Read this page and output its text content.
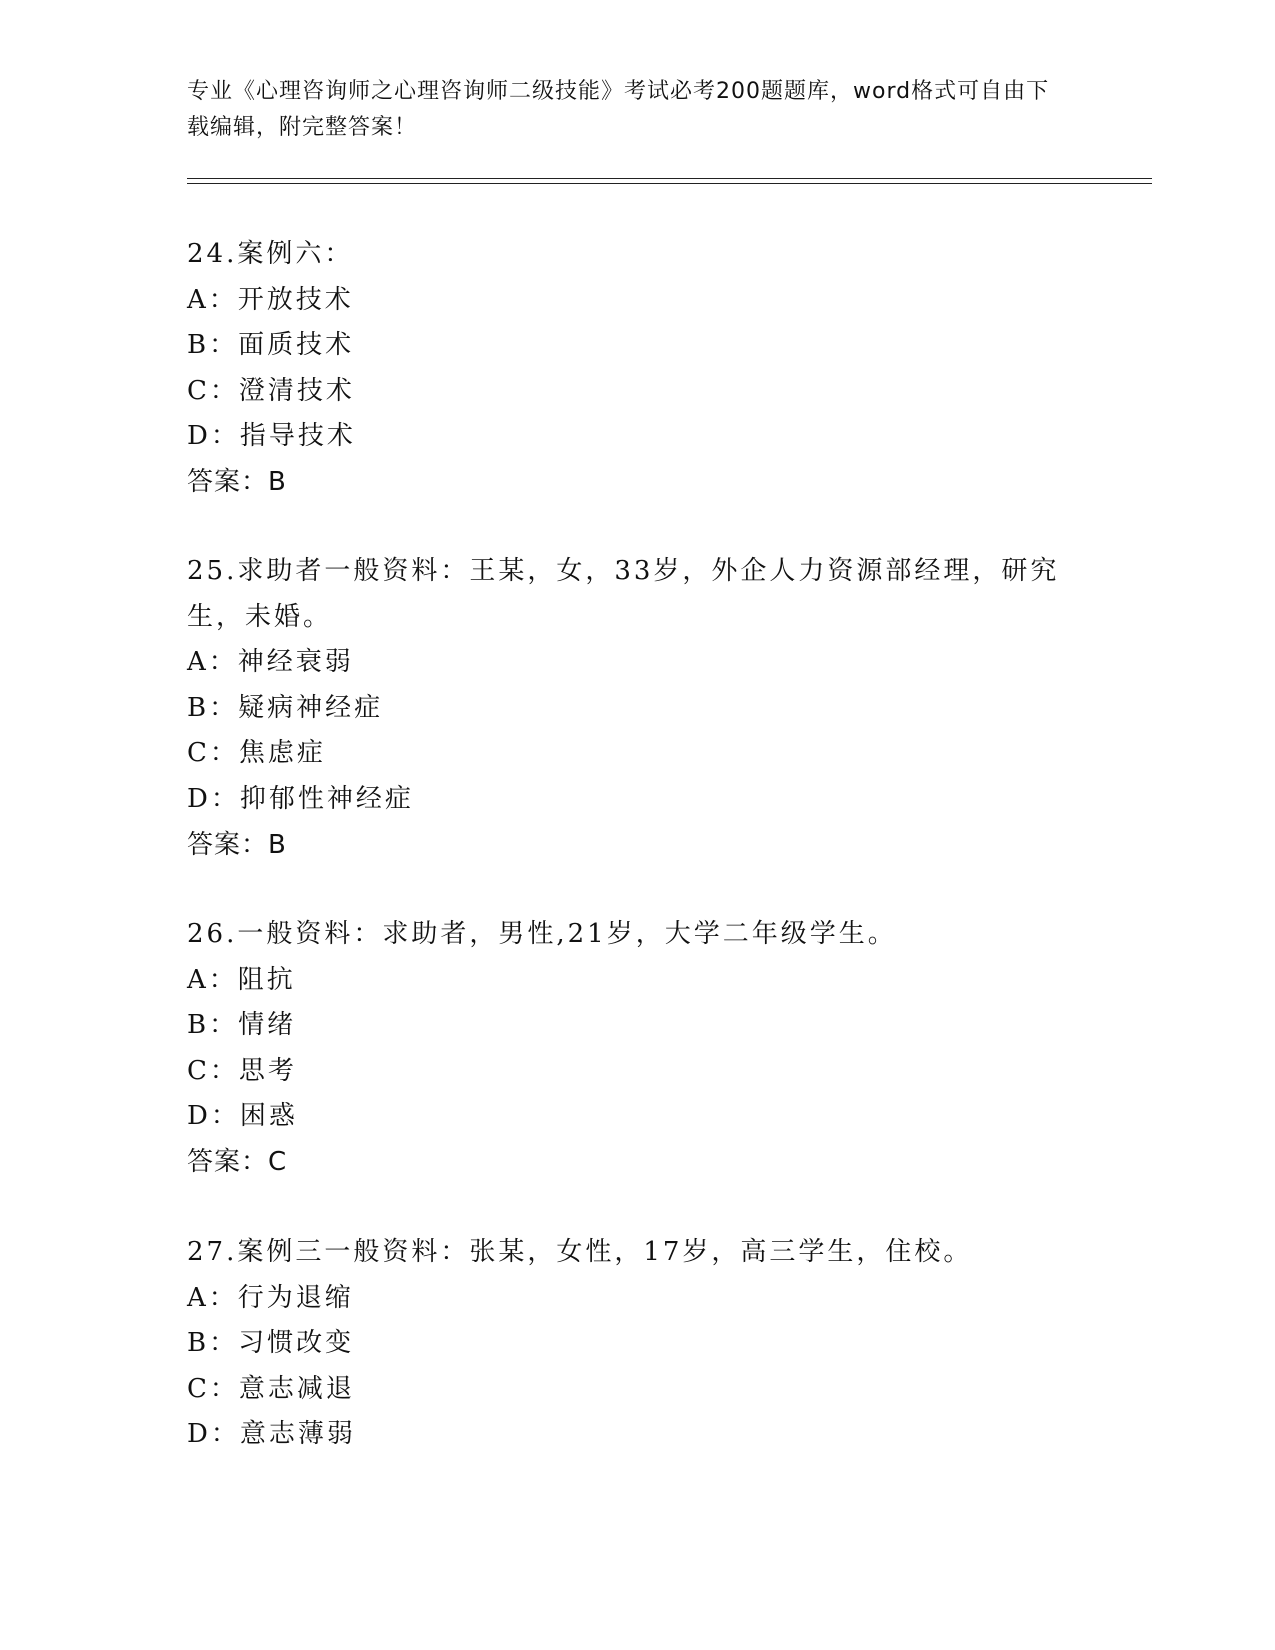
专业《心理咨询师之心理咨询师二级技能》考试必考200题题库，word格式可自由下载编辑，附完整答案！
24.案例六：
A：开放技术
B：面质技术
C：澄清技术
D：指导技术
答案：B
25.求助者一般资料：王某，女，33岁，外企人力资源部经理，研究生，未婚。
A：神经衰弱
B：疑病神经症
C：焦虑症
D：抑郁性神经症
答案：B
26.一般资料：求助者，男性,21岁，大学二年级学生。
A：阻抗
B：情绪
C：思考
D：困惑
答案：C
27.案例三一般资料：张某，女性，17岁，高三学生，住校。
A：行为退缩
B：习惯改变
C：意志减退
D：意志薄弱
